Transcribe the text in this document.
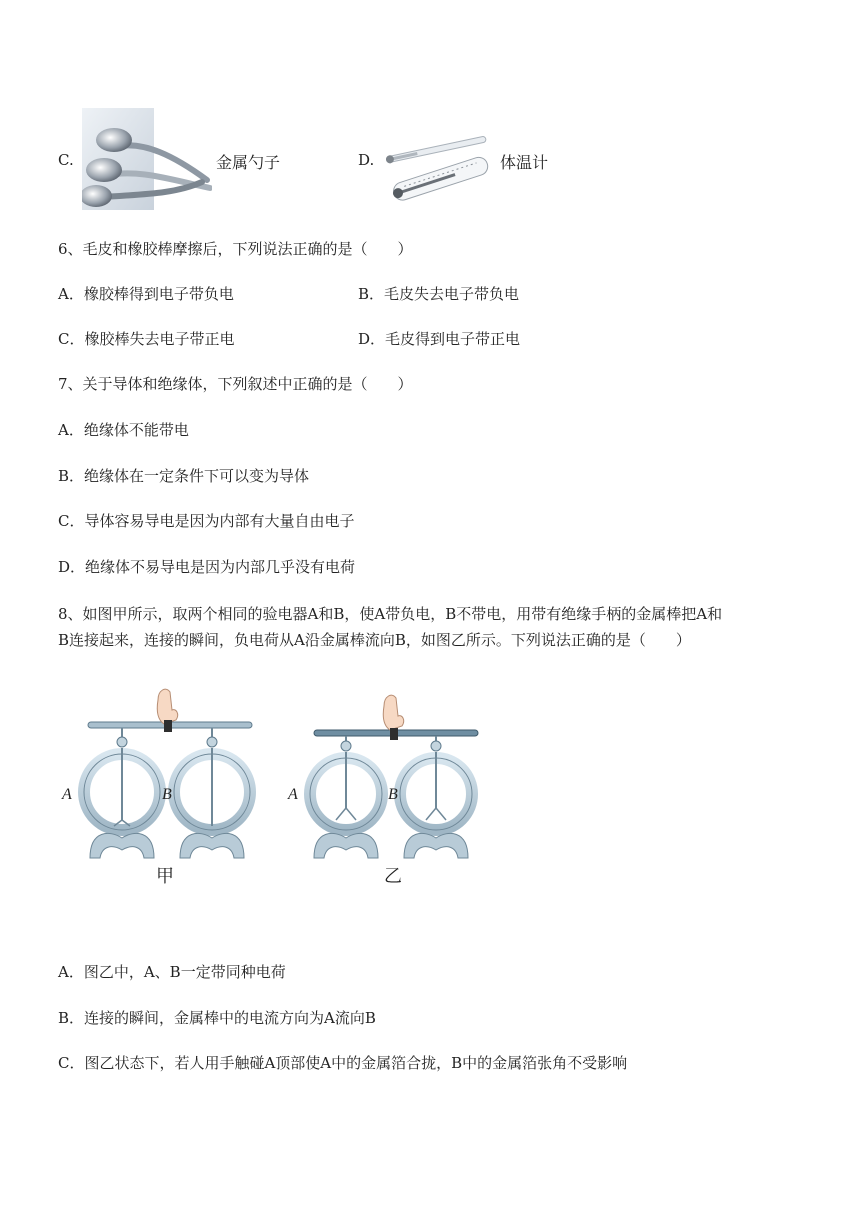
C.	金属勺子	D.	体温计
6、毛皮和橡胶棒摩擦后，下列说法正确的是（　　）
A．橡胶棒得到电子带负电	B．毛皮失去电子带负电
C．橡胶棒失去电子带正电	D．毛皮得到电子带正电
7、关于导体和绝缘体，下列叙述中正确的是（　　）
A．绝缘体不能带电
B．绝缘体在一定条件下可以变为导体
C．导体容易导电是因为内部有大量自由电子
D．绝缘体不易导电是因为内部几乎没有电荷
8、如图甲所示，取两个相同的验电器A和B，使A带负电，B不带电，用带有绝缘手柄的金属棒把A和
B连接起来，连接的瞬间，负电荷从A沿金属棒流向B，如图乙所示。下列说法正确的是（　　）
A	B
甲
A	B
乙
A．图乙中，A、B一定带同种电荷
B．连接的瞬间，金属棒中的电流方向为A流向B
C．图乙状态下，若人用手触碰A顶部使A中的金属箔合拢，B中的金属箔张角不受影响
